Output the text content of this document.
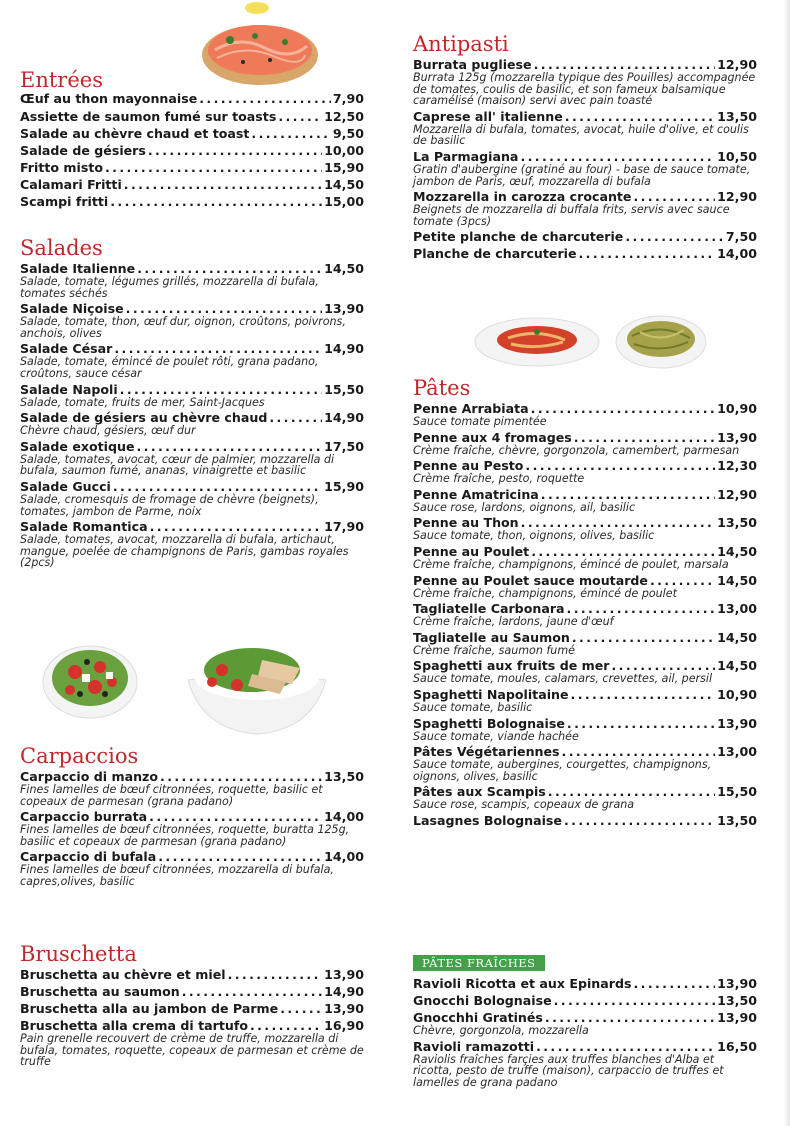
Entrées
Œuf au thon mayonnaise . . .	7,90
Assiette de saumon fumé sur toasts . . .	12,50
Salade au chèvre chaud et toast . . .	9,50
Salade de gésiers . . .	10,00
Fritto misto . . .	15,90
Calamari Fritti . . .	14,50
Scampi fritti . . .	15,00
Salades
Salade Italienne . . .	14,50
Salade, tomate, légumes grillés, mozzarella di bufala, tomates séchés
Salade Niçoise . . .	13,90
Salade, tomate, thon, œuf dur, oignon, croûtons, poivrons, anchois, olives
Salade César . . .	14,90
Salade, tomate, émincé de poulet rôti, grana padano, croûtons, sauce césar
Salade Napoli . . .	15,50
Salade, tomate, fruits de mer, Saint-Jacques
Salade de gésiers au chèvre chaud . . .	14,90
Chèvre chaud, gésiers, œuf dur
Salade exotique . . .	17,50
Salade, tomates, avocat, cœur de palmier, mozzarella di bufala, saumon fumé, ananas, vinaigrette et basilic
Salade Gucci . . .	15,90
Salade, cromesquis de fromage de chèvre (beignets), tomates, jambon de Parme, noix
Salade Romantica . . .	17,90
Salade, tomates, avocat, mozzarella di bufala, artichaut, mangue, poelée de champignons de Paris, gambas royales (2pcs)
Carpaccios
Carpaccio di manzo . . .	13,50
Fines lamelles de bœuf citronnées, roquette, basilic et copeaux de parmesan (grana padano)
Carpaccio burrata . . .	14,00
Fines lamelles de bœuf citronnées, roquette, buratta 125g, basilic et copeaux de parmesan (grana padano)
Carpaccio di bufala . . .	14,00
Fines lamelles de bœuf citronnées, mozzarella di bufala, capres,olives, basilic
Bruschetta
Bruschetta au chèvre et miel . . .	13,90
Bruschetta au saumon . . .	14,90
Bruschetta alla au jambon de Parme . . .	13,90
Bruschetta alla crema di tartufo . . .	16,90
Pain grenelle recouvert de crème de truffe, mozzarella di bufala, tomates, roquette, copeaux de parmesan et crème de truffe
Antipasti
Burrata pugliese . . .	12,90
Burrata 125g (mozzarella typique des Pouilles) accompagnée de tomates, coulis de basilic, et son fameux balsamique caramélisé (maison) servi avec pain toasté
Caprese all' italienne . . .	13,50
Mozzarella di bufala, tomates, avocat, huile d'olive, et coulis de basilic
La Parmagiana . . .	10,50
Gratin d'aubergine (gratiné au four) - base de sauce tomate, jambon de Paris, œuf, mozzarella di bufala
Mozzarella in carozza crocante . . .	12,90
Beignets de mozzarella di buffala frits, servis avec sauce tomate (3pcs)
Petite planche de charcuterie . . .	7,50
Planche de charcuterie . . .	14,00
Pâtes
Penne Arrabiata . . .	10,90
Sauce tomate pimentée
Penne aux 4 fromages . . .	13,90
Crème fraîche, chèvre, gorgonzola, camembert, parmesan
Penne au Pesto . . .	12,30
Crème fraîche, pesto, roquette
Penne Amatricina . . .	12,90
Sauce rose, lardons, oignons, ail, basilic
Penne au Thon . . .	13,50
Sauce tomate, thon, oignons, olives, basilic
Penne au Poulet . . .	14,50
Crème fraîche, champignons, émincé de poulet, marsala
Penne au Poulet sauce moutarde . . .	14,50
Crème fraîche, champignons, émincé de poulet
Tagliatelle Carbonara . . .	13,00
Crème fraîche, lardons, jaune d'œuf
Tagliatelle au Saumon . . .	14,50
Crème fraîche, saumon fumé
Spaghetti aux fruits de mer . . .	14,50
Sauce tomate, moules, calamars, crevettes, ail, persil
Spaghetti Napolitaine . . .	10,90
Sauce tomate, basilic
Spaghetti Bolognaise . . .	13,90
Sauce tomate, viande hachée
Pâtes Végétariennes . . .	13,00
Sauce tomate, aubergines, courgettes, champignons, oignons, olives, basilic
Pâtes aux Scampis . . .	15,50
Sauce rose, scampis, copeaux de grana
Lasagnes Bolognaise . . .	13,50
PÂTES FRAÎCHES
Ravioli Ricotta et aux Epinards . . .	13,90
Gnocchi Bolognaise . . .	13,50
Gnocchhi Gratinés . . .	13,90
Chèvre, gorgonzola, mozzarella
Ravioli ramazotti . . .	16,50
Raviolis fraîches farçies aux truffes blanches d'Alba et ricotta, pesto de truffe (maison), carpaccio de truffes et lamelles de grana padano
